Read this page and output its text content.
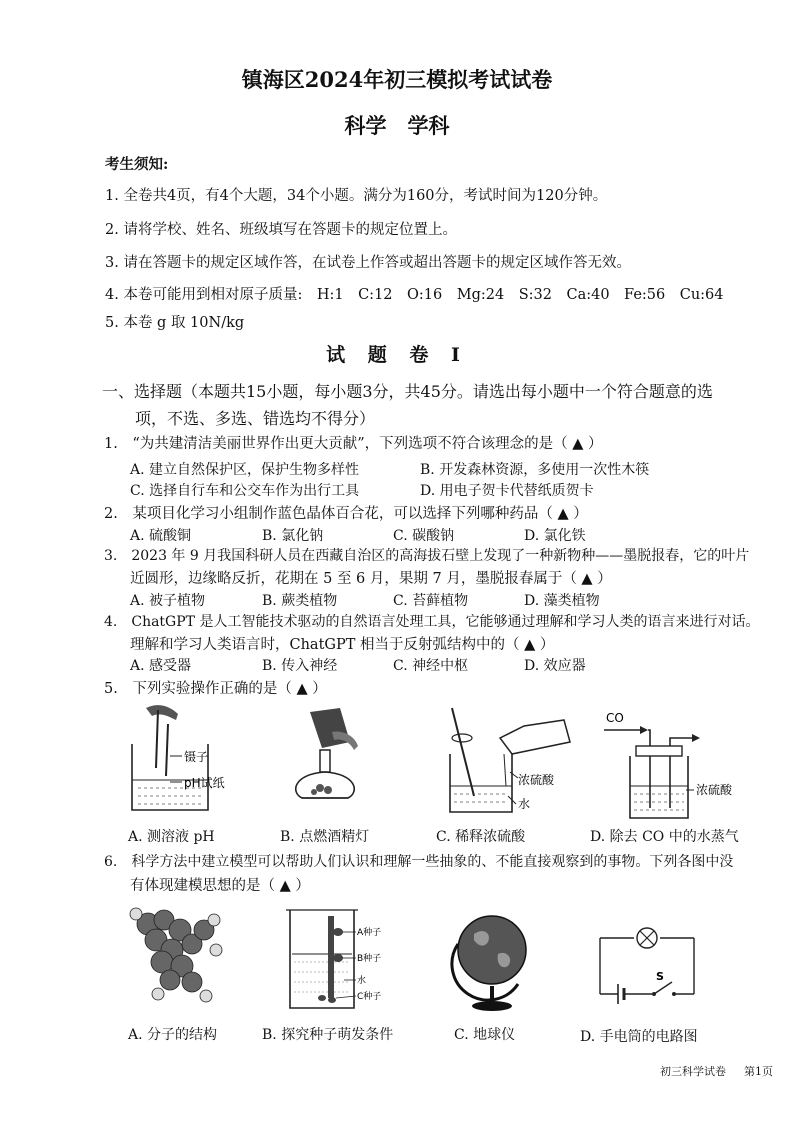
镇海区2024年初三模拟考试试卷
科学　学科
考生须知:
1. 全卷共4页，有4个大题，34个小题。满分为160分，考试时间为120分钟。
2. 请将学校、姓名、班级填写在答题卡的规定位置上。
3. 请在答题卡的规定区域作答，在试卷上作答或超出答题卡的规定区域作答无效。
4. 本卷可能用到相对原子质量:　H:1　C:12　O:16　Mg:24　S:32　Ca:40　Fe:56　Cu:64
5. 本卷 g 取 10N/kg
试 题 卷 I
一、选择题（本题共15小题，每小题3分，共45分。请选出每小题中一个符合题意的选
项，不选、多选、错选均不得分）
1.　“为共建清洁美丽世界作出更大贡献”，下列选项不符合该理念的是（ ▲ ）
A. 建立自然保护区，保护生物多样性	B. 开发森林资源，多使用一次性木筷
C. 选择自行车和公交车作为出行工具	D. 用电子贺卡代替纸质贺卡
2.　某项目化学习小组制作蓝色晶体百合花，可以选择下列哪种药品（ ▲ ）
A. 硫酸铜	B. 氯化钠	C. 碳酸钠	D. 氯化铁
3.　2023 年 9 月我国科研人员在西藏自治区的高海拔石壁上发现了一种新物种——墨脱报春，它的叶片
近圆形，边缘略反折，花期在 5 至 6 月，果期 7 月，墨脱报春属于（ ▲ ）
A. 被子植物	B. 蕨类植物	C. 苔藓植物	D. 藻类植物
4.　ChatGPT 是人工智能技术驱动的自然语言处理工具，它能够通过理解和学习人类的语言来进行对话。
理解和学习人类语言时，ChatGPT 相当于反射弧结构中的（ ▲ ）
A. 感受器	B. 传入神经	C. 神经中枢	D. 效应器
5.　下列实验操作正确的是（ ▲ ）
镊子
pH试纸	浓硫酸
水
CO
浓硫酸
A. 测溶液 pH	B. 点燃酒精灯	C. 稀释浓硫酸	D. 除去 CO 中的水蒸气
6.　科学方法中建立模型可以帮助人们认识和理解一些抽象的、不能直接观察到的事物。下列各图中没
有体现建模思想的是（ ▲ ）
A种子
B种子
水
C种子
S
A. 分子的结构	B. 探究种子萌发条件	C. 地球仪	D. 手电筒的电路图
初三科学试卷 第1页
